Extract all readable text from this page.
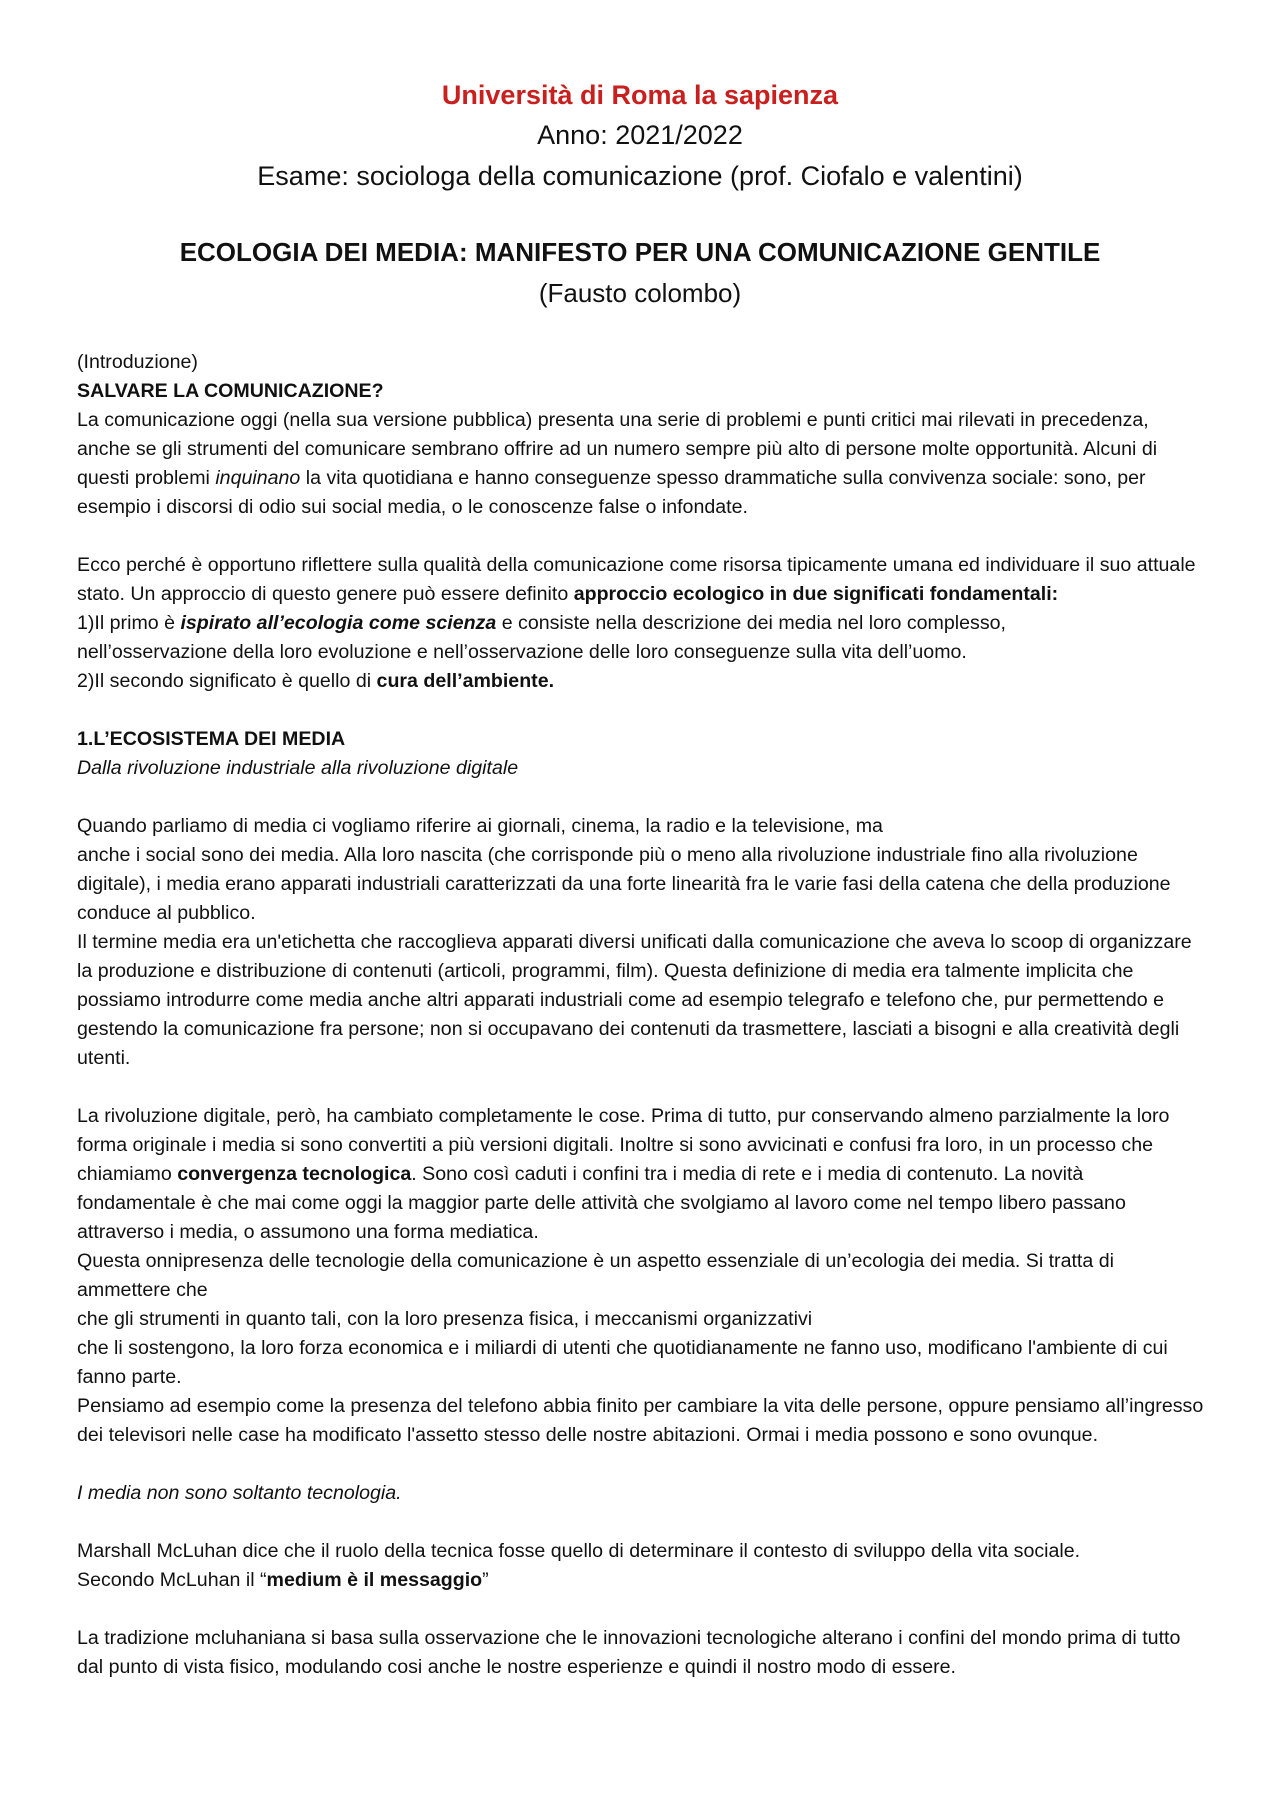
Università di Roma la sapienza
Anno: 2021/2022
Esame: sociologa della comunicazione (prof. Ciofalo e valentini)
ECOLOGIA DEI MEDIA: MANIFESTO PER UNA COMUNICAZIONE GENTILE
(Fausto colombo)

(Introduzione)

SALVARE LA COMUNICAZIONE?

La comunicazione oggi (nella sua versione pubblica) presenta una serie di problemi e punti critici mai rilevati in precedenza, anche se gli strumenti del comunicare sembrano offrire ad un numero sempre più alto di persone molte opportunità. Alcuni di questi problemi inquinano la vita quotidiana e hanno conseguenze spesso drammatiche sulla convivenza sociale: sono, per esempio i discorsi di odio sui social media, o le conoscenze false o infondate.

Ecco perché è opportuno riflettere sulla qualità della comunicazione come risorsa tipicamente umana ed individuare il suo attuale stato. Un approccio di questo genere può essere definito approccio ecologico in due significati fondamentali:

1)Il primo è ispirato all’ecologia come scienza e consiste nella descrizione dei media nel loro complesso,

nell’osservazione della loro evoluzione e nell’osservazione delle loro conseguenze sulla vita dell’uomo.

2)Il secondo significato è quello di cura dell’ambiente.

1.L’ECOSISTEMA DEI MEDIA

Dalla rivoluzione industriale alla rivoluzione digitale

Quando parliamo di media ci vogliamo riferire ai giornali, cinema, la radio e la televisione, ma

anche i social sono dei media. Alla loro nascita (che corrisponde più o meno alla rivoluzione industriale fino alla rivoluzione digitale), i media erano apparati industriali caratterizzati da una forte linearità fra le varie fasi della catena che della produzione conduce al pubblico.

Il termine media era un'etichetta che raccoglieva apparati diversi unificati dalla comunicazione che aveva lo scoop di organizzare la produzione e distribuzione di contenuti (articoli, programmi, film). Questa definizione di media era talmente implicita che possiamo introdurre come media anche altri apparati industriali come ad esempio telegrafo e telefono che, pur permettendo e gestendo la comunicazione fra persone; non si occupavano dei contenuti da trasmettere, lasciati a bisogni e alla creatività degli utenti.

La rivoluzione digitale, però, ha cambiato completamente le cose. Prima di tutto, pur conservando almeno parzialmente la loro forma originale i media si sono convertiti a più versioni digitali. Inoltre si sono avvicinati e confusi fra loro, in un processo che chiamiamo convergenza tecnologica. Sono così caduti i confini tra i media di rete e i media di contenuto. La novità fondamentale è che mai come oggi la maggior parte delle attività che svolgiamo al lavoro come nel tempo libero passano attraverso i media, o assumono una forma mediatica.

Questa onnipresenza delle tecnologie della comunicazione è un aspetto essenziale di un’ecologia dei media. Si tratta di ammettere che

che gli strumenti in quanto tali, con la loro presenza fisica, i meccanismi organizzativi

che li sostengono, la loro forza economica e i miliardi di utenti che quotidianamente ne fanno uso, modificano l'ambiente di cui fanno parte.

Pensiamo ad esempio come la presenza del telefono abbia finito per cambiare la vita delle persone, oppure pensiamo all’ingresso dei televisori nelle case ha modificato l'assetto stesso delle nostre abitazioni. Ormai i media possono e sono ovunque.

I media non sono soltanto tecnologia.

Marshall McLuhan dice che il ruolo della tecnica fosse quello di determinare il contesto di sviluppo della vita sociale.

Secondo McLuhan il “medium è il messaggio”

La tradizione mcluhaniana si basa sulla osservazione che le innovazioni tecnologiche alterano i confini del mondo prima di tutto dal punto di vista fisico, modulando cosi anche le nostre esperienze e quindi il nostro modo di essere.
